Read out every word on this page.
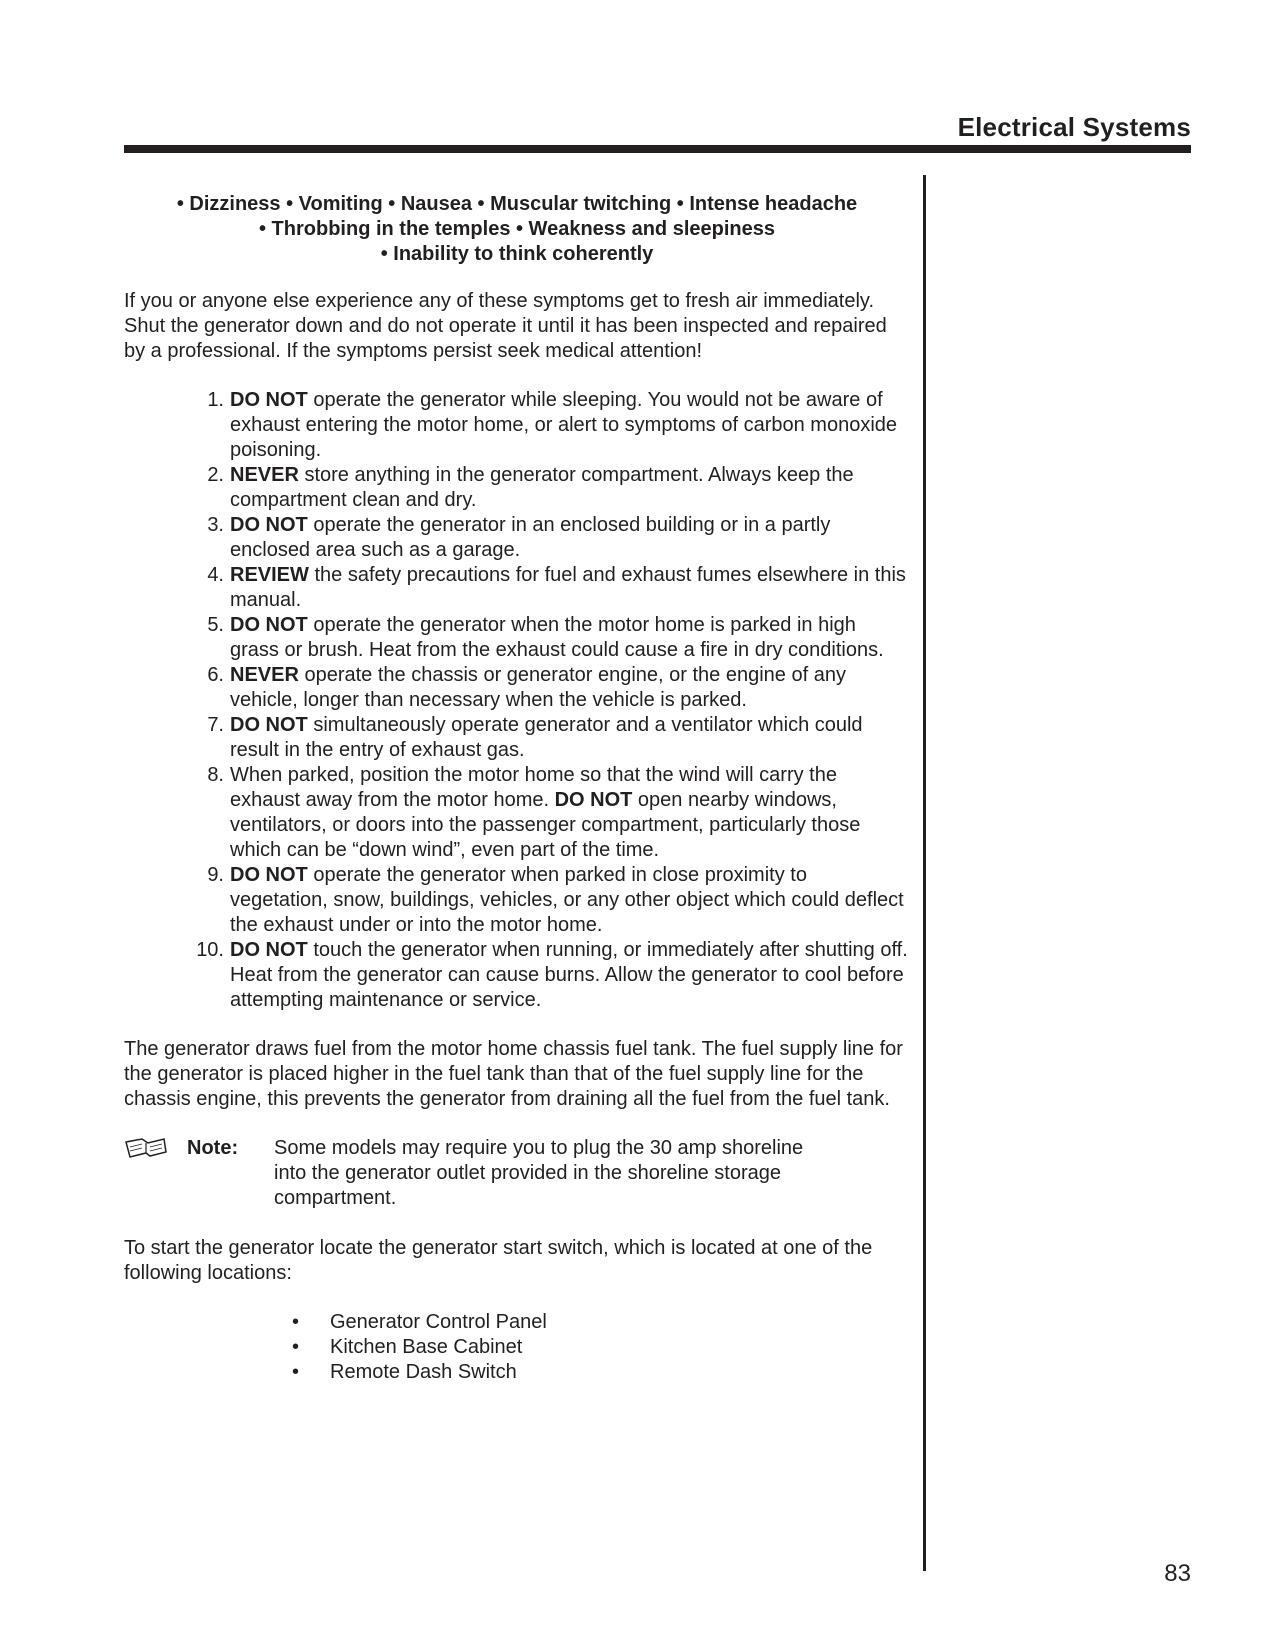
Electrical Systems
• Dizziness • Vomiting • Nausea • Muscular twitching • Intense headache
• Throbbing in the temples • Weakness and sleepiness
• Inability to think coherently

If you or anyone else experience any of these symptoms get to fresh air immediately. Shut the generator down and do not operate it until it has been inspected and repaired by a professional. If the symptoms persist seek medical attention!

1. DO NOT operate the generator while sleeping. You would not be aware of exhaust entering the motor home, or alert to symptoms of carbon monoxide poisoning.
2. NEVER store anything in the generator compartment. Always keep the compartment clean and dry.
3. DO NOT operate the generator in an enclosed building or in a partly enclosed area such as a garage.
4. REVIEW the safety precautions for fuel and exhaust fumes elsewhere in this manual.
5. DO NOT operate the generator when the motor home is parked in high grass or brush. Heat from the exhaust could cause a fire in dry conditions.
6. NEVER operate the chassis or generator engine, or the engine of any vehicle, longer than necessary when the vehicle is parked.
7. DO NOT simultaneously operate generator and a ventilator which could result in the entry of exhaust gas.
8. When parked, position the motor home so that the wind will carry the exhaust away from the motor home. DO NOT open nearby windows, ventilators, or doors into the passenger compartment, particularly those which can be “down wind”, even part of the time.
9. DO NOT operate the generator when parked in close proximity to vegetation, snow, buildings, vehicles, or any other object which could deflect the exhaust under or into the motor home.
10. DO NOT touch the generator when running, or immediately after shutting off. Heat from the generator can cause burns. Allow the generator to cool before attempting maintenance or service.

The generator draws fuel from the motor home chassis fuel tank. The fuel supply line for the generator is placed higher in the fuel tank than that of the fuel supply line for the chassis engine, this prevents the generator from draining all the fuel from the fuel tank.

Note: Some models may require you to plug the 30 amp shoreline into the generator outlet provided in the shoreline storage compartment.

To start the generator locate the generator start switch, which is located at one of the following locations:

• Generator Control Panel
• Kitchen Base Cabinet
• Remote Dash Switch
83
